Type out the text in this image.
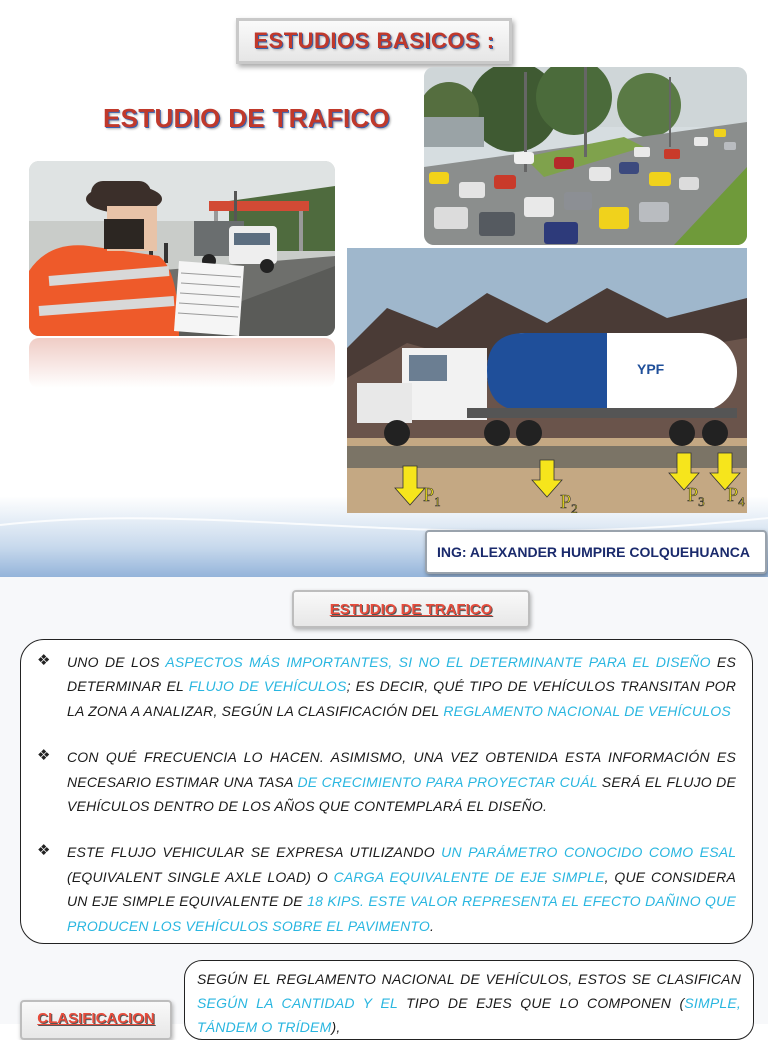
ESTUDIOS BASICOS :
ESTUDIO DE TRAFICO
YPF
$P_1$	$P_2$
$P_3$ $P_4$
ING: ALEXANDER HUMPIRE COLQUEHUANCA
ESTUDIO DE TRAFICO
❖ UNO DE LOS ASPECTOS MÁS IMPORTANTES, SI NO EL DETERMINANTE PARA EL DISEÑO ES DETERMINAR EL FLUJO DE VEHÍCULOS; ES DECIR, QUÉ TIPO DE VEHÍCULOS TRANSITAN POR LA ZONA A ANALIZAR, SEGÚN LA CLASIFICACIÓN DEL REGLAMENTO NACIONAL DE VEHÍCULOS
❖ CON QUÉ FRECUENCIA LO HACEN. ASIMISMO, UNA VEZ OBTENIDA ESTA INFORMACIÓN ES NECESARIO ESTIMAR UNA TASA DE CRECIMIENTO PARA PROYECTAR CUÁL SERÁ EL FLUJO DE VEHÍCULOS DENTRO DE LOS AÑOS QUE CONTEMPLARÁ EL DISEÑO.
❖ ESTE FLUJO VEHICULAR SE EXPRESA UTILIZANDO UN PARÁMETRO CONOCIDO COMO ESAL (EQUIVALENT SINGLE AXLE LOAD) O CARGA EQUIVALENTE DE EJE SIMPLE, QUE CONSIDERA UN EJE SIMPLE EQUIVALENTE DE 18 KIPS. ESTE VALOR REPRESENTA EL EFECTO DAÑINO QUE PRODUCEN LOS VEHÍCULOS SOBRE EL PAVIMENTO.
SEGÚN EL REGLAMENTO NACIONAL DE VEHÍCULOS, ESTOS SE CLASIFICAN SEGÚN LA CANTIDAD Y EL TIPO DE EJES QUE LO COMPONEN (SIMPLE, TÁNDEM O TRÍDEM),
CLASIFICACION
